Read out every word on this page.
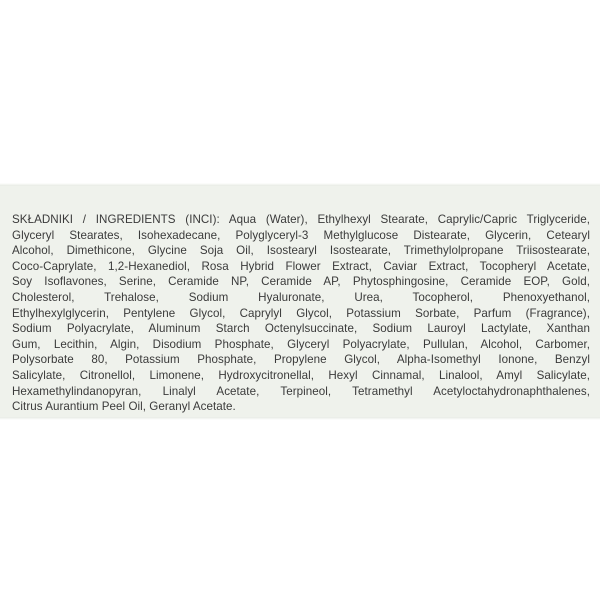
SKŁADNIKI / INGREDIENTS (INCI): Aqua (Water), Ethylhexyl Stearate, Caprylic/Capric Triglyceride,
Glyceryl Stearates, Isohexadecane, Polyglyceryl-3 Methylglucose Distearate, Glycerin, Cetearyl
Alcohol, Dimethicone, Glycine Soja Oil, Isostearyl Isostearate, Trimethylolpropane Triisostearate,
Coco-Caprylate, 1,2-Hexanediol, Rosa Hybrid Flower Extract, Caviar Extract, Tocopheryl Acetate,
Soy Isoflavones, Serine, Ceramide NP, Ceramide AP, Phytosphingosine, Ceramide EOP, Gold,
Cholesterol, Trehalose, Sodium Hyaluronate, Urea, Tocopherol, Phenoxyethanol,
Ethylhexylglycerin, Pentylene Glycol, Caprylyl Glycol, Potassium Sorbate, Parfum (Fragrance),
Sodium Polyacrylate, Aluminum Starch Octenylsuccinate, Sodium Lauroyl Lactylate, Xanthan
Gum, Lecithin, Algin, Disodium Phosphate, Glyceryl Polyacrylate, Pullulan, Alcohol, Carbomer,
Polysorbate 80, Potassium Phosphate, Propylene Glycol, Alpha-Isomethyl Ionone, Benzyl
Salicylate, Citronellol, Limonene, Hydroxycitronellal, Hexyl Cinnamal, Linalool, Amyl Salicylate,
Hexamethylindanopyran, Linalyl Acetate, Terpineol, Tetramethyl Acetyloctahydronaphthalenes,
Citrus Aurantium Peel Oil, Geranyl Acetate.
